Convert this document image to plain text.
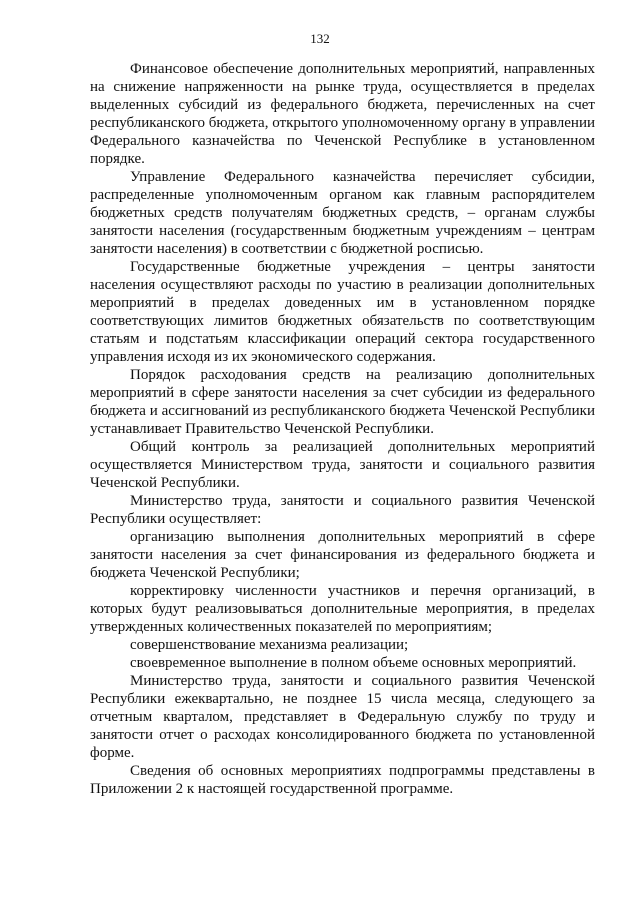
132

Финансовое обеспечение дополнительных мероприятий, направленных на снижение напряженности на рынке труда, осуществляется в пределах выделенных субсидий из федерального бюджета, перечисленных на счет республиканского бюджета, открытого уполномоченному органу в управлении Федерального казначейства по Чеченской Республике в установленном порядке.

Управление Федерального казначейства перечисляет субсидии, распределенные уполномоченным органом как главным распорядителем бюджетных средств получателям бюджетных средств, – органам службы занятости населения (государственным бюджетным учреждениям – центрам занятости населения) в соответствии с бюджетной росписью.

Государственные бюджетные учреждения – центры занятости населения осуществляют расходы по участию в реализации дополнительных мероприятий в пределах доведенных им в установленном порядке соответствующих лимитов бюджетных обязательств по соответствующим статьям и подстатьям классификации операций сектора государственного управления исходя из их экономического содержания.

Порядок расходования средств на реализацию дополнительных мероприятий в сфере занятости населения за счет субсидии из федерального бюджета и ассигнований из республиканского бюджета Чеченской Республики устанавливает Правительство Чеченской Республики.

Общий контроль за реализацией дополнительных мероприятий осуществляется Министерством труда, занятости и социального развития Чеченской Республики.

Министерство труда, занятости и социального развития Чеченской Республики осуществляет:

организацию выполнения дополнительных мероприятий в сфере занятости населения за счет финансирования из федерального бюджета и бюджета Чеченской Республики;

корректировку численности участников и перечня организаций, в которых будут реализовываться дополнительные мероприятия, в пределах утвержденных количественных показателей по мероприятиям;

совершенствование механизма реализации;

своевременное выполнение в полном объеме основных мероприятий.

Министерство труда, занятости и социального развития Чеченской Республики ежеквартально, не позднее 15 числа месяца, следующего за отчетным кварталом, представляет в Федеральную службу по труду и занятости отчет о расходах консолидированного бюджета по установленной форме.

Сведения об основных мероприятиях подпрограммы представлены в Приложении 2 к настоящей государственной программе.
